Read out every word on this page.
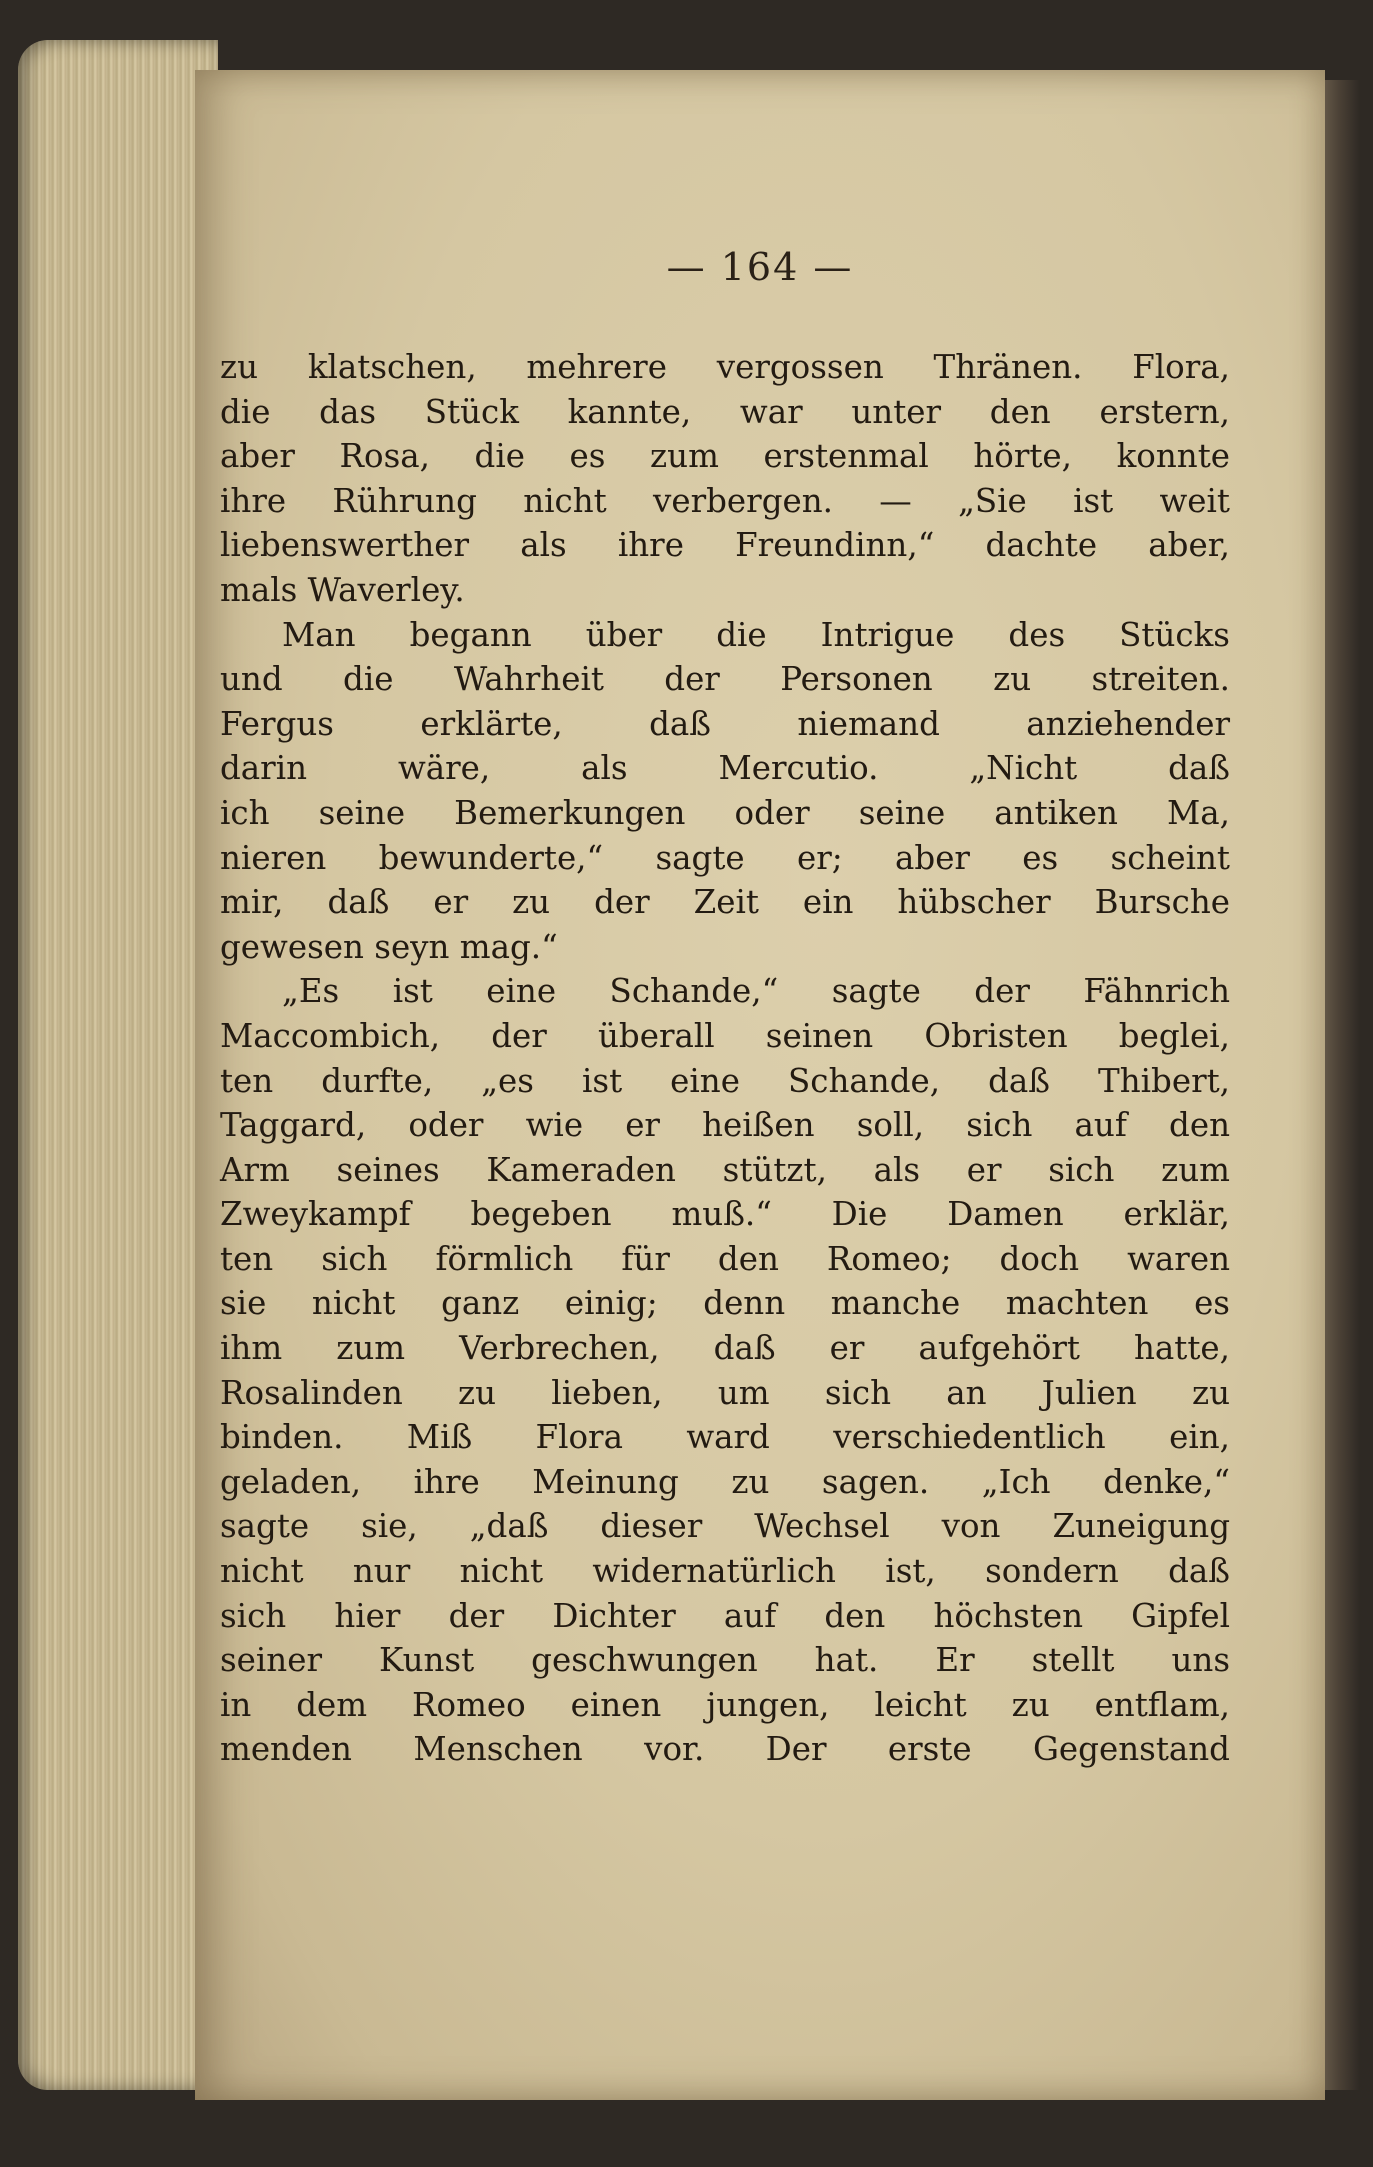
— 164 —
zu klatschen, mehrere vergossen Thränen. Flora,
die das Stück kannte, war unter den erstern,
aber Rosa, die es zum erstenmal hörte, konnte
ihre Rührung nicht verbergen. — „Sie ist weit
liebenswerther als ihre Freundinn,“ dachte aber,
mals Waverley.
Man begann über die Intrigue des Stücks
und die Wahrheit der Personen zu streiten.
Fergus erklärte, daß niemand anziehender
darin wäre, als Mercutio. „Nicht daß
ich seine Bemerkungen oder seine antiken Ma,
nieren bewunderte,“ sagte er; aber es scheint
mir, daß er zu der Zeit ein hübscher Bursche
gewesen seyn mag.“
„Es ist eine Schande,“ sagte der Fähnrich
Maccombich, der überall seinen Obristen beglei,
ten durfte, „es ist eine Schande, daß Thibert,
Taggard, oder wie er heißen soll, sich auf den
Arm seines Kameraden stützt, als er sich zum
Zweykampf begeben muß.“ Die Damen erklär,
ten sich förmlich für den Romeo; doch waren
sie nicht ganz einig; denn manche machten es
ihm zum Verbrechen, daß er aufgehört hatte,
Rosalinden zu lieben, um sich an Julien zu
binden. Miß Flora ward verschiedentlich ein,
geladen, ihre Meinung zu sagen. „Ich denke,“
sagte sie, „daß dieser Wechsel von Zuneigung
nicht nur nicht widernatürlich ist, sondern daß
sich hier der Dichter auf den höchsten Gipfel
seiner Kunst geschwungen hat. Er stellt uns
in dem Romeo einen jungen, leicht zu entflam,
menden Menschen vor. Der erste Gegenstand
